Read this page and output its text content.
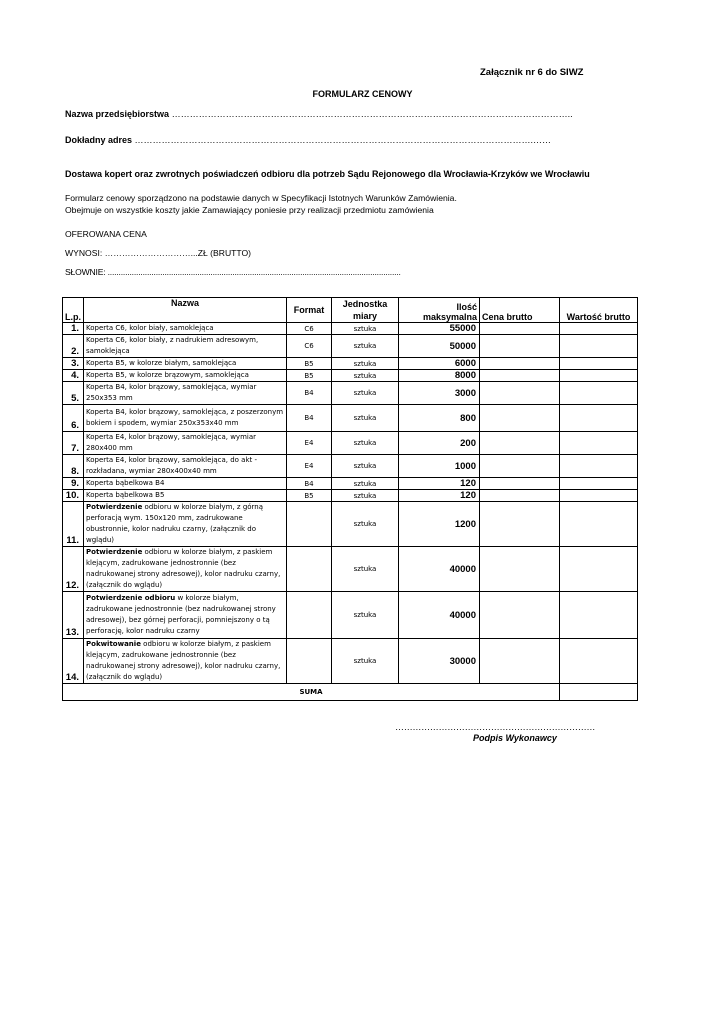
Załącznik nr 6 do SIWZ
FORMULARZ CENOWY
Nazwa przedsiębiorstwa ……………………………………………………………………………………………………………………..
Dokładny adres …………………………………………………………………………………………………………………….……
Dostawa kopert oraz zwrotnych poświadczeń odbioru dla potrzeb Sądu Rejonowego dla Wrocławia-Krzyków we Wrocławiu
Formularz cenowy sporządzono na podstawie danych w Specyfikacji Istotnych Warunków Zamówienia.
Obejmuje on wszystkie koszty jakie Zamawiający poniesie przy realizacji przedmiotu zamówienia
OFEROWANA CENA
WYNOSI: …………………………...ZŁ (BRUTTO)
SŁOWNIE: ......................................................................................................................................
L.p.	Nazwa	Format	Jednostka miary	Ilość maksymalna	Cena brutto	Wartość brutto
1.	Koperta C6, kolor biały, samoklejąca	C6	sztuka	55000		
2.	Koperta C6, kolor biały, z nadrukiem adresowym, samoklejąca	C6	sztuka	50000		
3.	Koperta B5, w kolorze białym, samoklejąca	B5	sztuka	6000		
4.	Koperta B5, w kolorze brązowym, samoklejąca	B5	sztuka	8000		
5.	Koperta B4, kolor brązowy, samoklejąca, wymiar 250x353 mm	B4	sztuka	3000		
6.	Koperta B4, kolor brązowy, samoklejąca, z poszerzonym bokiem i spodem, wymiar 250x353x40 mm	B4	sztuka	800		
7.	Koperta E4, kolor brązowy, samoklejąca, wymiar 280x400 mm	E4	sztuka	200		
8.	Koperta E4, kolor brązowy, samoklejąca, do akt - rozkładana, wymiar 280x400x40 mm	E4	sztuka	1000		
9.	Koperta bąbelkowa B4	B4	sztuka	120		
10.	Koperta bąbelkowa B5	B5	sztuka	120		
11.	Potwierdzenie odbioru w kolorze białym, z górną perforacją wym. 150x120 mm, zadrukowane obustronnie, kolor nadruku czarny, (załącznik do wglądu)		sztuka	1200		
12.	Potwierdzenie odbioru w kolorze białym, z paskiem klejącym, zadrukowane jednostronnie (bez nadrukowanej strony adresowej), kolor nadruku czarny, (załącznik do wglądu)		sztuka	40000		
13.	Potwierdzenie odbioru w kolorze białym, zadrukowane jednostronnie (bez nadrukowanej strony adresowej), bez górnej perforacji, pomniejszony o tą perforację, kolor nadruku czarny		sztuka	40000		
14.	Pokwitowanie odbioru w kolorze białym, z paskiem klejącym, zadrukowane jednostronnie (bez nadrukowanej strony adresowej), kolor nadruku czarny, (załącznik do wglądu)		sztuka	30000		
SUMA						
……………………………………………………………
Podpis Wykonawcy
